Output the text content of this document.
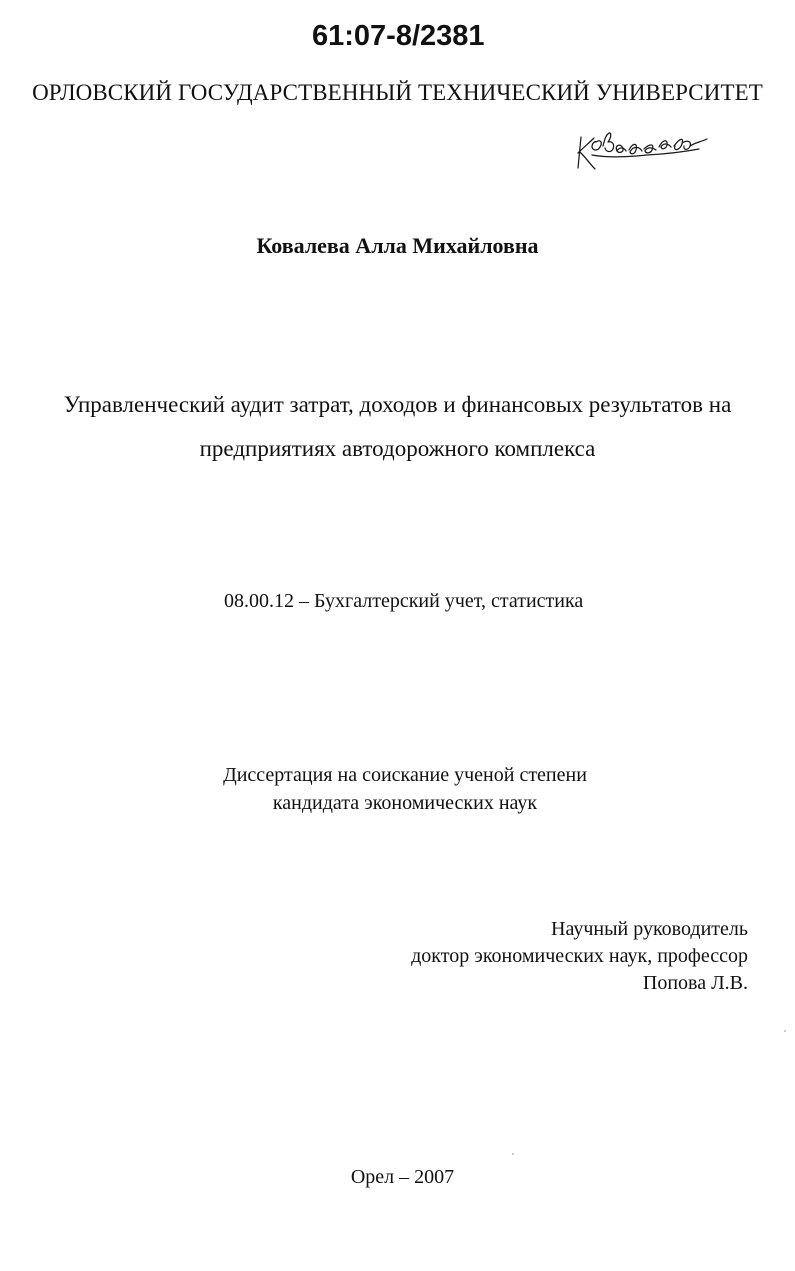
61:07-8/2381
ОРЛОВСКИЙ ГОСУДАРСТВЕННЫЙ ТЕХНИЧЕСКИЙ УНИВЕРСИТЕТ
Ковалева
Ковалева Алла Михайловна
Управленческий аудит затрат, доходов и финансовых результатов на
предприятиях автодорожного комплекса
08.00.12 – Бухгалтерский учет, статистика
Диссертация на соискание ученой степени
кандидата экономических наук
Научный руководитель
доктор экономических наук, профессор
Попова Л.В.
Орел – 2007
